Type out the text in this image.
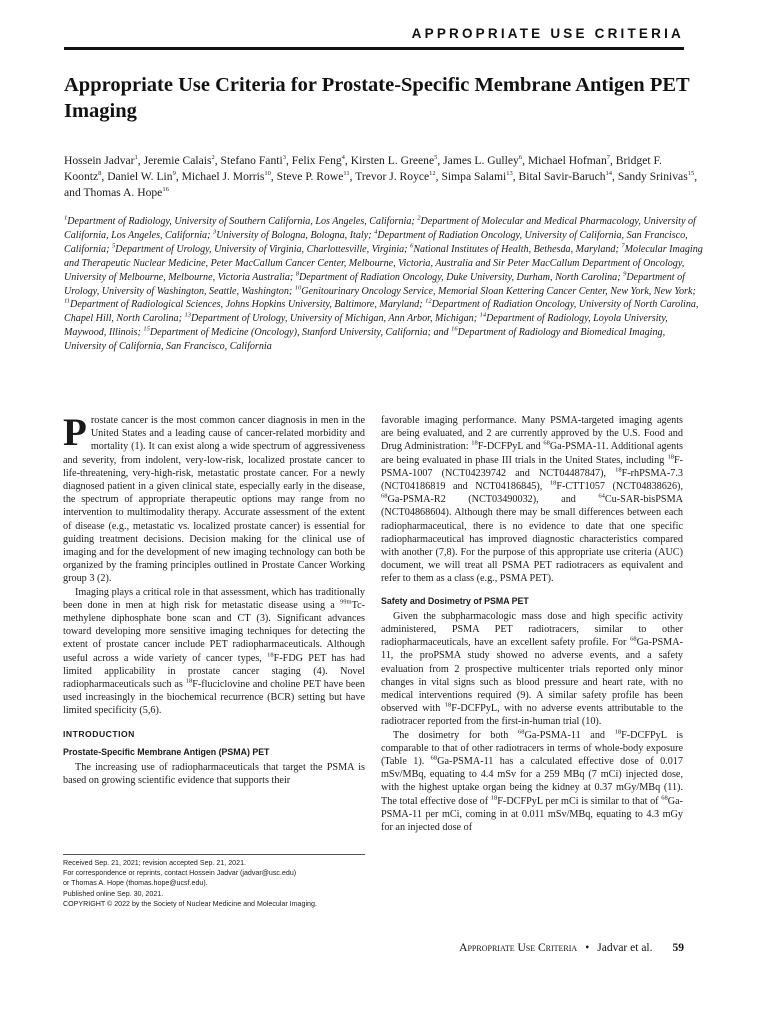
APPROPRIATE USE CRITERIA
Appropriate Use Criteria for Prostate-Specific Membrane Antigen PET Imaging

Hossein Jadvar$^1$, Jeremie Calais$^2$, Stefano Fanti$^3$, Felix Feng$^4$, Kirsten L. Greene$^5$, James L. Gulley$^6$, Michael Hofman$^7$, Bridget F. Koontz$^8$, Daniel W. Lin$^9$, Michael J. Morris$^{10}$, Steve P. Rowe$^{11}$, Trevor J. Royce$^{12}$, Simpa Salami$^{13}$, Bital Savir-Baruch$^{14}$, Sandy Srinivas$^{15}$, and Thomas A. Hope$^{16}$

$^1$Department of Radiology, University of Southern California, Los Angeles, California; $^2$Department of Molecular and Medical Pharmacology, University of California, Los Angeles, California; $^3$University of Bologna, Bologna, Italy; $^4$Department of Radiation Oncology, University of California, San Francisco, California; $^5$Department of Urology, University of Virginia, Charlottesville, Virginia; $^6$National Institutes of Health, Bethesda, Maryland; $^7$Molecular Imaging and Therapeutic Nuclear Medicine, Peter MacCallum Cancer Center, Melbourne, Victoria, Australia and Sir Peter MacCallum Department of Oncology, University of Melbourne, Melbourne, Victoria Australia; $^8$Department of Radiation Oncology, Duke University, Durham, North Carolina; $^9$Department of Urology, University of Washington, Seattle, Washington; $^{10}$Genitourinary Oncology Service, Memorial Sloan Kettering Cancer Center, New York, New York; $^{11}$Department of Radiological Sciences, Johns Hopkins University, Baltimore, Maryland; $^{12}$Department of Radiation Oncology, University of North Carolina, Chapel Hill, North Carolina; $^{13}$Department of Urology, University of Michigan, Ann Arbor, Michigan; $^{14}$Department of Radiology, Loyola University, Maywood, Illinois; $^{15}$Department of Medicine (Oncology), Stanford University, California; and $^{16}$Department of Radiology and Biomedical Imaging, University of California, San Francisco, California

Prostate cancer is the most common cancer diagnosis in men in the United States and a leading cause of cancer-related morbidity and mortality (1). It can exist along a wide spectrum of aggressiveness and severity, from indolent, very-low-risk, localized prostate cancer to life-threatening, very-high-risk, metastatic prostate cancer. For a newly diagnosed patient in a given clinical state, especially early in the disease, the spectrum of appropriate therapeutic options may range from no intervention to multimodality therapy. Accurate assessment of the extent of disease (e.g., metastatic vs. localized prostate cancer) is essential for guiding treatment decisions. Decision making for the clinical use of imaging and for the development of new imaging technology can both be organized by the framing principles outlined in Prostate Cancer Working group 3 (2).

Imaging plays a critical role in that assessment, which has traditionally been done in men at high risk for metastatic disease using a $^{99m}$Tc-methylene diphosphate bone scan and CT (3). Significant advances toward developing more sensitive imaging techniques for detecting the extent of prostate cancer include PET radiopharmaceuticals. Although useful across a wide variety of cancer types, $^{18}$F-FDG PET has had limited applicability in prostate cancer staging (4). Novel radiopharmaceuticals such as $^{18}$F-fluciclovine and choline PET have been used increasingly in the biochemical recurrence (BCR) setting but have limited specificity (5,6).

INTRODUCTION
Prostate-Specific Membrane Antigen (PSMA) PET

The increasing use of radiopharmaceuticals that target the PSMA is based on growing scientific evidence that supports their

favorable imaging performance. Many PSMA-targeted imaging agents are being evaluated, and 2 are currently approved by the U.S. Food and Drug Administration: $^{18}$F-DCFPyL and $^{68}$Ga-PSMA-11. Additional agents are being evaluated in phase III trials in the United States, including $^{18}$F-PSMA-1007 (NCT04239742 and NCT04487847), $^{18}$F-rhPSMA-7.3 (NCT04186819 and NCT04186845), $^{18}$F-CTT1057 (NCT04838626), $^{68}$Ga-PSMA-R2 (NCT03490032), and $^{64}$Cu-SAR-bisPSMA (NCT04868604). Although there may be small differences between each radiopharmaceutical, there is no evidence to date that one specific radiopharmaceutical has improved diagnostic characteristics compared with another (7,8). For the purpose of this appropriate use criteria (AUC) document, we will treat all PSMA PET radiotracers as equivalent and refer to them as a class (e.g., PSMA PET).

Safety and Dosimetry of PSMA PET

Given the subpharmacologic mass dose and high specific activity administered, PSMA PET radiotracers, similar to other radiopharmaceuticals, have an excellent safety profile. For $^{68}$Ga-PSMA-11, the proPSMA study showed no adverse events, and a safety evaluation from 2 prospective multicenter trials reported only minor changes in vital signs such as blood pressure and heart rate, with no medical interventions required (9). A similar safety profile has been observed with $^{18}$F-DCFPyL, with no adverse events attributable to the radiotracer reported from the first-in-human trial (10).

The dosimetry for both $^{68}$Ga-PSMA-11 and $^{18}$F-DCFPyL is comparable to that of other radiotracers in terms of whole-body exposure (Table 1). $^{68}$Ga-PSMA-11 has a calculated effective dose of 0.017 mSv/MBq, equating to 4.4 mSv for a 259 MBq (7 mCi) injected dose, with the highest uptake organ being the kidney at 0.37 mGy/MBq (11). The total effective dose of $^{18}$F-DCFPyL per mCi is similar to that of $^{68}$Ga-PSMA-11 per mCi, coming in at 0.011 mSv/MBq, equating to 4.3 mGy for an injected dose of

Received Sep. 21, 2021; revision accepted Sep. 21, 2021.
For correspondence or reprints, contact Hossein Jadvar (jadvar@usc.edu)
or Thomas A. Hope (thomas.hope@ucsf.edu).
Published online Sep. 30, 2021.
COPYRIGHT © 2022 by the Society of Nuclear Medicine and Molecular Imaging.
Appropriate Use Criteria • Jadvar et al. 59
